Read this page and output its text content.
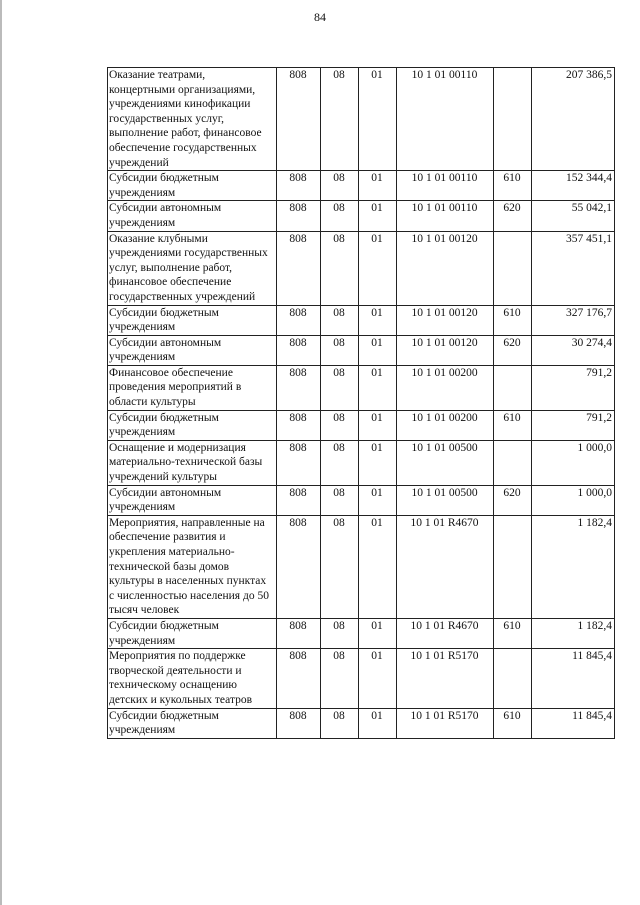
84
Оказание театрами, концертными организациями, учреждениями кинофикации государственных услуг, выполнение работ, финансовое обеспечение государственных учреждений	808	08	01	10 1 01 00110		207 386,5
Субсидии бюджетным учреждениям	808	08	01	10 1 01 00110	610	152 344,4
Субсидии автономным учреждениям	808	08	01	10 1 01 00110	620	55 042,1
Оказание клубными учреждениями государственных услуг, выполнение работ, финансовое обеспечение государственных учреждений	808	08	01	10 1 01 00120		357 451,1
Субсидии бюджетным учреждениям	808	08	01	10 1 01 00120	610	327 176,7
Субсидии автономным учреждениям	808	08	01	10 1 01 00120	620	30 274,4
Финансовое обеспечение проведения мероприятий в области культуры	808	08	01	10 1 01 00200		791,2
Субсидии бюджетным учреждениям	808	08	01	10 1 01 00200	610	791,2
Оснащение и модернизация материально-технической базы учреждений культуры	808	08	01	10 1 01 00500		1 000,0
Субсидии автономным учреждениям	808	08	01	10 1 01 00500	620	1 000,0
Мероприятия, направленные на обеспечение развития и укрепления материально-технической базы домов культуры в населенных пунктах с численностью населения до 50 тысяч человек	808	08	01	10 1 01 R4670		1 182,4
Субсидии бюджетным учреждениям	808	08	01	10 1 01 R4670	610	1 182,4
Мероприятия по поддержке творческой деятельности и техническому оснащению детских и кукольных театров	808	08	01	10 1 01 R5170		11 845,4
Субсидии бюджетным учреждениям	808	08	01	10 1 01 R5170	610	11 845,4
